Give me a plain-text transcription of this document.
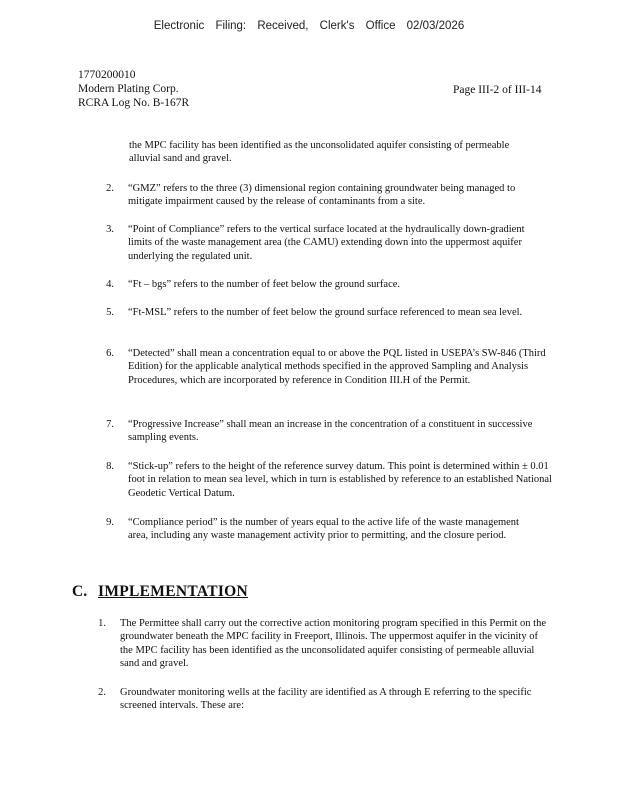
Electronic Filing: Received, Clerk's Office 02/03/2026
1770200010
Modern Plating Corp.
RCRA Log No. B-167R
Page III-2 of III-14
the MPC facility has been identified as the unconsolidated aquifer consisting of permeable alluvial sand and gravel.
2. “GMZ” refers to the three (3) dimensional region containing groundwater being managed to mitigate impairment caused by the release of contaminants from a site.
3. “Point of Compliance” refers to the vertical surface located at the hydraulically down-gradient limits of the waste management area (the CAMU) extending down into the uppermost aquifer underlying the regulated unit.
4. “Ft – bgs” refers to the number of feet below the ground surface.
5. “Ft-MSL” refers to the number of feet below the ground surface referenced to mean sea level.
6. “Detected” shall mean a concentration equal to or above the PQL listed in USEPA’s SW-846 (Third Edition) for the applicable analytical methods specified in the approved Sampling and Analysis Procedures, which are incorporated by reference in Condition III.H of the Permit.
7. “Progressive Increase” shall mean an increase in the concentration of a constituent in successive sampling events.
8. “Stick-up” refers to the height of the reference survey datum. This point is determined within ± 0.01 foot in relation to mean sea level, which in turn is established by reference to an established National Geodetic Vertical Datum.
9. “Compliance period” is the number of years equal to the active life of the waste management area, including any waste management activity prior to permitting, and the closure period.
C. IMPLEMENTATION
1. The Permittee shall carry out the corrective action monitoring program specified in this Permit on the groundwater beneath the MPC facility in Freeport, Illinois. The uppermost aquifer in the vicinity of the MPC facility has been identified as the unconsolidated aquifer consisting of permeable alluvial sand and gravel.
2. Groundwater monitoring wells at the facility are identified as A through E referring to the specific screened intervals. These are:
